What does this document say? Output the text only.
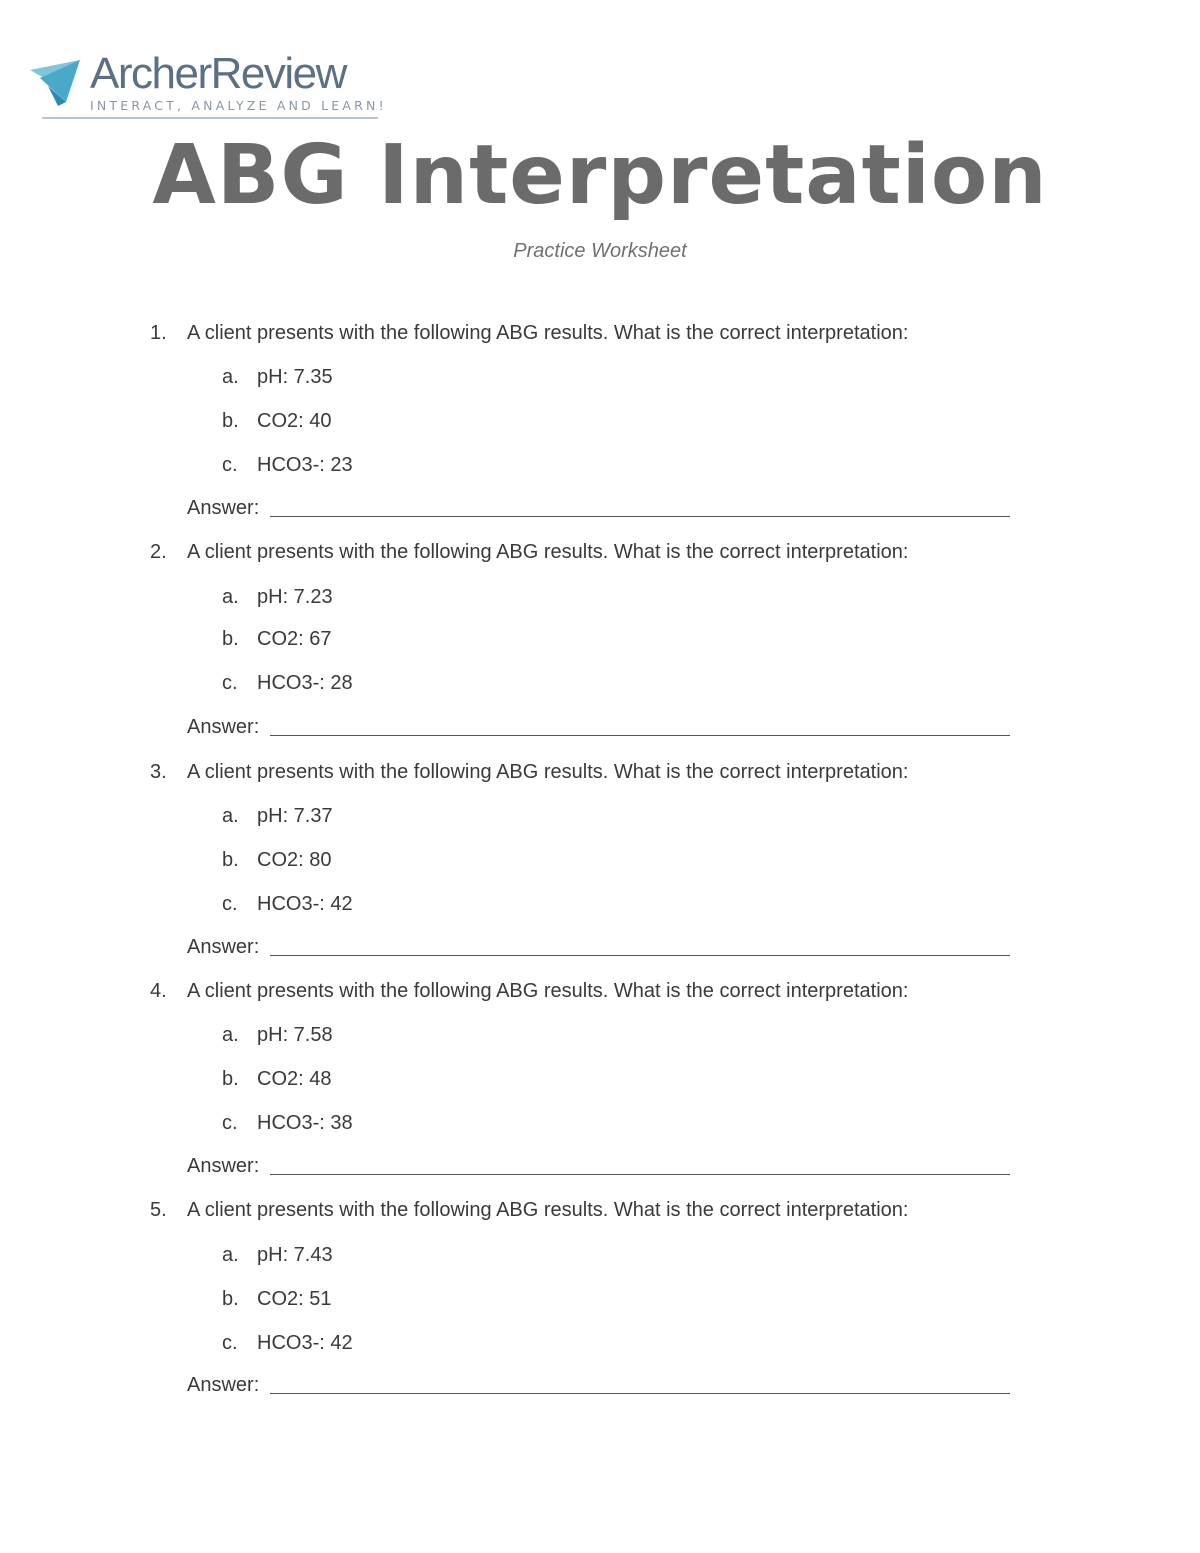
ArcherReview
INTERACT, ANALYZE AND LEARN!
ABG Interpretation
Practice Worksheet
1. A client presents with the following ABG results. What is the correct interpretation:
a. pH: 7.35
b. CO2: 40
c. HCO3-: 23
Answer:
2. A client presents with the following ABG results. What is the correct interpretation:
a. pH: 7.23
b. CO2: 67
c. HCO3-: 28
Answer:
3. A client presents with the following ABG results. What is the correct interpretation:
a. pH: 7.37
b. CO2: 80
c. HCO3-: 42
Answer:
4. A client presents with the following ABG results. What is the correct interpretation:
a. pH: 7.58
b. CO2: 48
c. HCO3-: 38
Answer:
5. A client presents with the following ABG results. What is the correct interpretation:
a. pH: 7.43
b. CO2: 51
c. HCO3-: 42
Answer:
